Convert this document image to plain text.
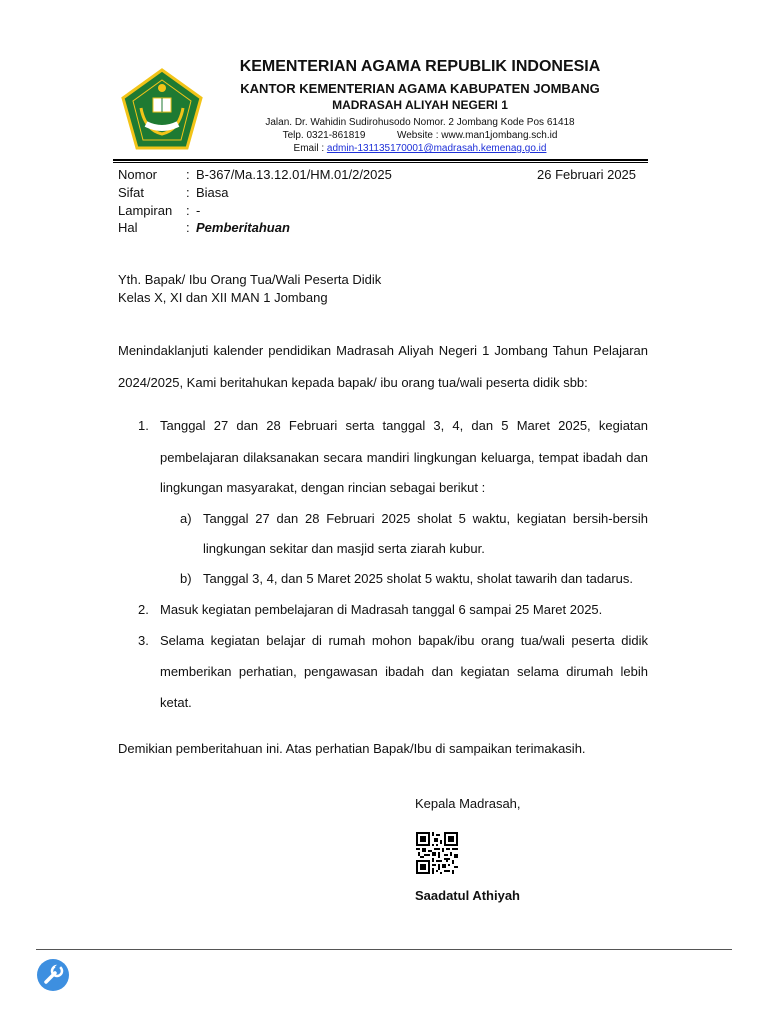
KEMENTERIAN AGAMA REPUBLIK INDONESIA
KANTOR KEMENTERIAN AGAMA KABUPATEN JOMBANG
MADRASAH ALIYAH NEGERI 1
Jalan. Dr. Wahidin Sudirohusodo Nomor. 2 Jombang Kode Pos 61418
Telp. 0321-861819	Website : www.man1jombang.sch.id
Email : admin-131135170001@madrasah.kemenag.go.id
Nomor : B-367/Ma.13.12.01/HM.01/2/2025	26 Februari 2025
Sifat	: Biasa
Lampiran : -
Hal	: Pemberitahuan
Yth. Bapak/ Ibu Orang Tua/Wali Peserta Didik
Kelas X, XI dan XII MAN 1 Jombang
Menindaklanjuti kalender pendidikan Madrasah Aliyah Negeri 1 Jombang Tahun Pelajaran
2024/2025, Kami beritahukan kepada bapak/ ibu orang tua/wali peserta didik sbb:
1. Tanggal 27 dan 28 Februari serta tanggal 3, 4, dan 5 Maret 2025, kegiatan
pembelajaran dilaksanakan secara mandiri lingkungan keluarga, tempat ibadah dan
lingkungan masyarakat, dengan rincian sebagai berikut :
a) Tanggal 27 dan 28 Februari 2025 sholat 5 waktu, kegiatan bersih-bersih
lingkungan sekitar dan masjid serta ziarah kubur.
b) Tanggal 3, 4, dan 5 Maret 2025 sholat 5 waktu, sholat tawarih dan tadarus.
2. Masuk kegiatan pembelajaran di Madrasah tanggal 6 sampai 25 Maret 2025.
3. Selama kegiatan belajar di rumah mohon bapak/ibu orang tua/wali peserta didik
memberikan perhatian, pengawasan ibadah dan kegiatan selama dirumah lebih
ketat.
Demikian pemberitahuan ini. Atas perhatian Bapak/Ibu di sampaikan terimakasih.
Kepala Madrasah,
Saadatul Athiyah
